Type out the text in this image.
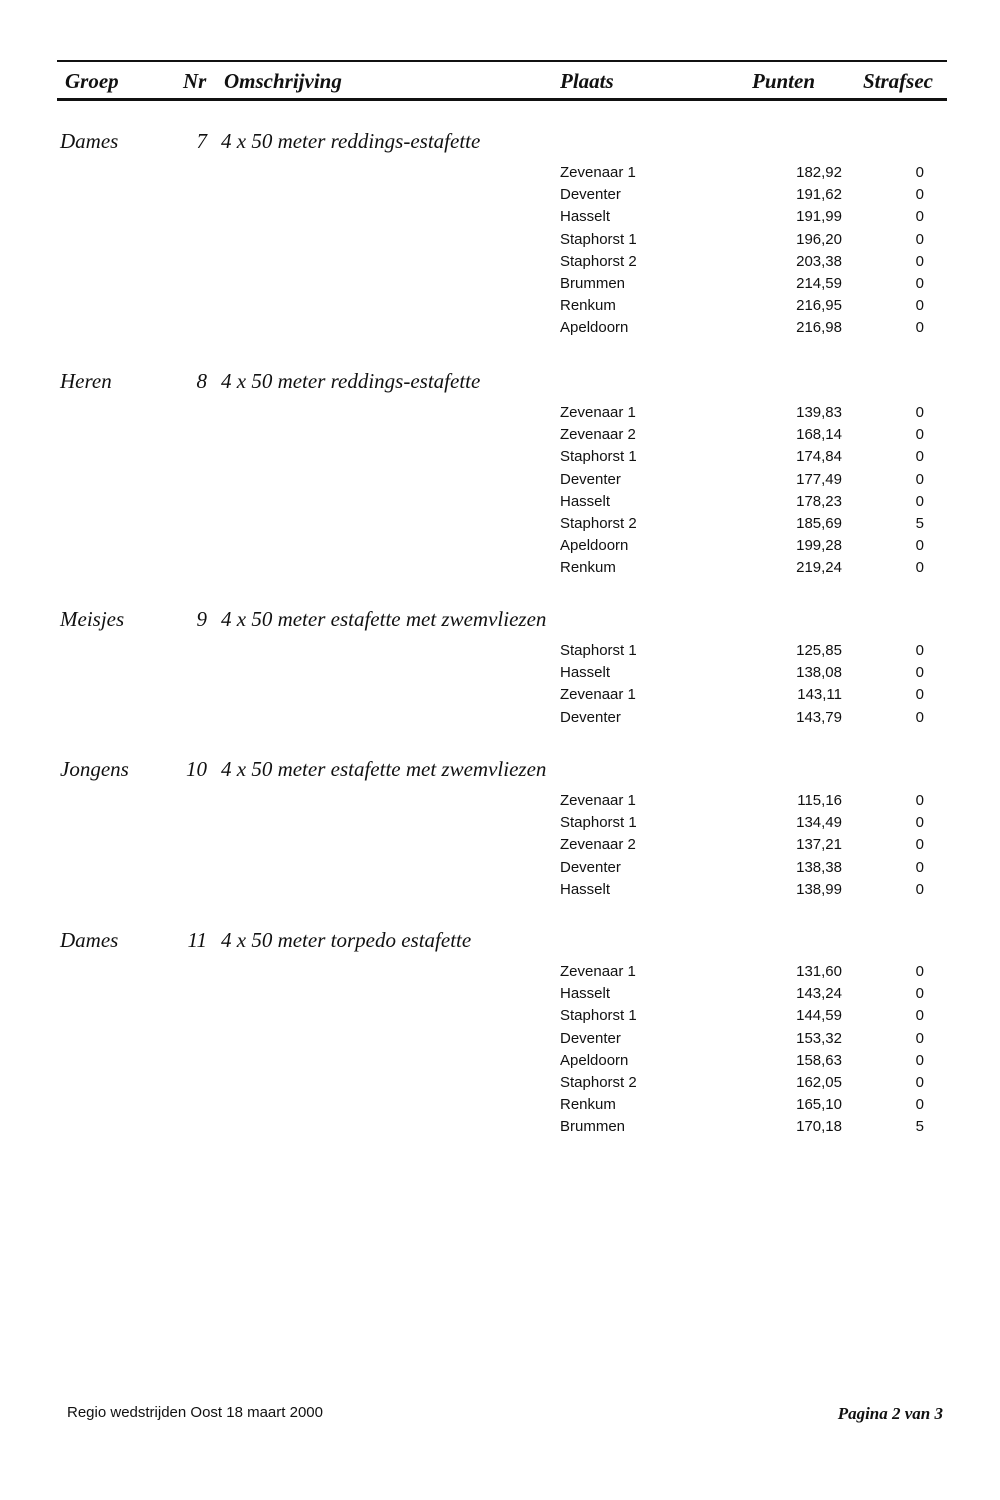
Groep	Nr Omschrijving	Plaats	Punten Strafsec
Dames	7 4 x 50 meter reddings-estafette
Zevenaar 1	182,92	0
Deventer	191,62	0
Hasselt	191,99	0
Staphorst 1	196,20	0
Staphorst 2	203,38	0
Brummen	214,59	0
Renkum	216,95	0
Apeldoorn	216,98	0
Heren	8 4 x 50 meter reddings-estafette
Zevenaar 1	139,83	0
Zevenaar 2	168,14	0
Staphorst 1	174,84	0
Deventer	177,49	0
Hasselt	178,23	0
Staphorst 2	185,69	5
Apeldoorn	199,28	0
Renkum	219,24	0
Meisjes	9 4 x 50 meter estafette met zwemvliezen
Staphorst 1	125,85	0
Hasselt	138,08	0
Zevenaar 1	143,11	0
Deventer	143,79	0
Jongens	10 4 x 50 meter estafette met zwemvliezen
Zevenaar 1	115,16	0
Staphorst 1	134,49	0
Zevenaar 2	137,21	0
Deventer	138,38	0
Hasselt	138,99	0
Dames	11 4 x 50 meter torpedo estafette
Zevenaar 1	131,60	0
Hasselt	143,24	0
Staphorst 1	144,59	0
Deventer	153,32	0
Apeldoorn	158,63	0
Staphorst 2	162,05	0
Renkum	165,10	0
Brummen	170,18	5
Regio wedstrijden Oost 18 maart 2000	Pagina 2 van 3
